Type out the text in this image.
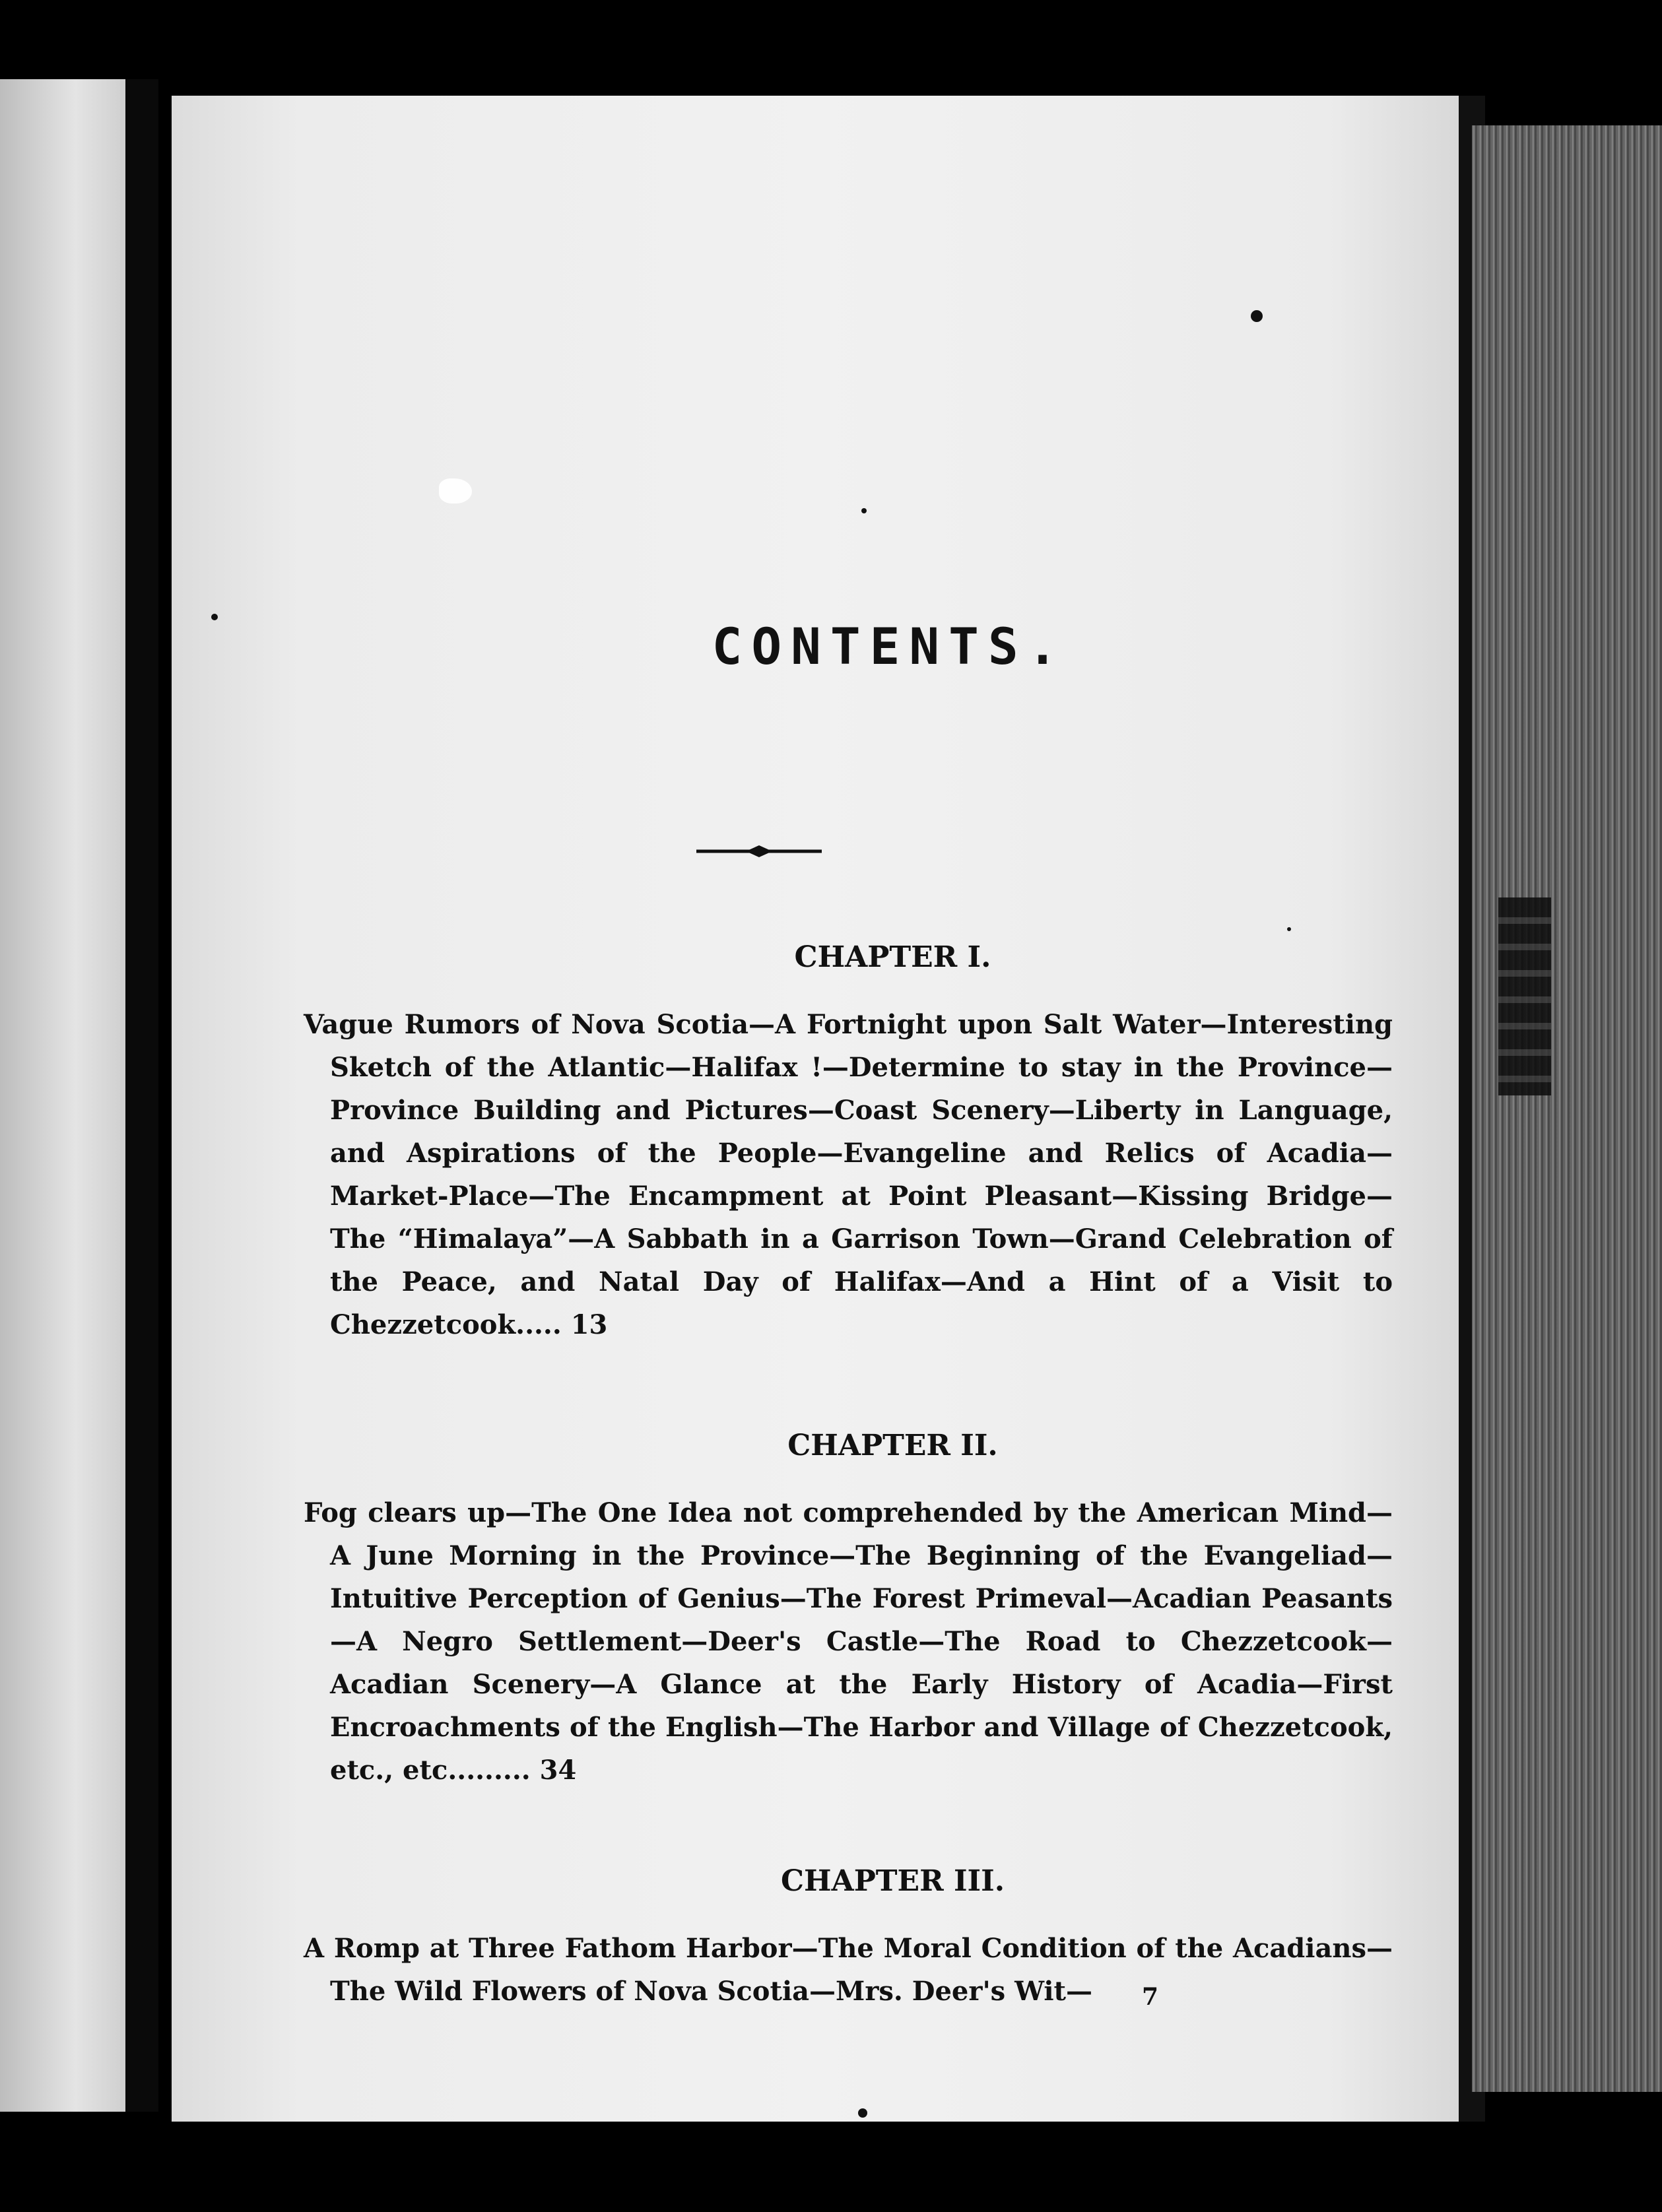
CONTENTS.
CHAPTER I.
Vague Rumors of Nova Scotia—A Fortnight upon Salt Water—Interesting Sketch of the Atlantic—Halifax !—Determine to stay in the Province—Province Building and Pictures—Coast Scenery—Liberty in Language, and Aspirations of the People—Evangeline and Relics of Acadia—Market-Place—The Encampment at Point Pleasant—Kissing Bridge—The “Himalaya”—A Sabbath in a Garrison Town—Grand Celebration of the Peace, and Natal Day of Halifax—And a Hint of a Visit to Chezzetcook..... 13
CHAPTER II.
Fog clears up—The One Idea not comprehended by the American Mind—A June Morning in the Province—The Beginning of the Evangeliad—Intuitive Perception of Genius—The Forest Primeval—Acadian Peasants—A Negro Settlement—Deer's Castle—The Road to Chezzetcook—Acadian Scenery—A Glance at the Early History of Acadia—First Encroachments of the English—The Harbor and Village of Chezzetcook, etc., etc......... 34
CHAPTER III.
A Romp at Three Fathom Harbor—The Moral Condition of the Acadians—The Wild Flowers of Nova Scotia—Mrs. Deer's Wit—	7
